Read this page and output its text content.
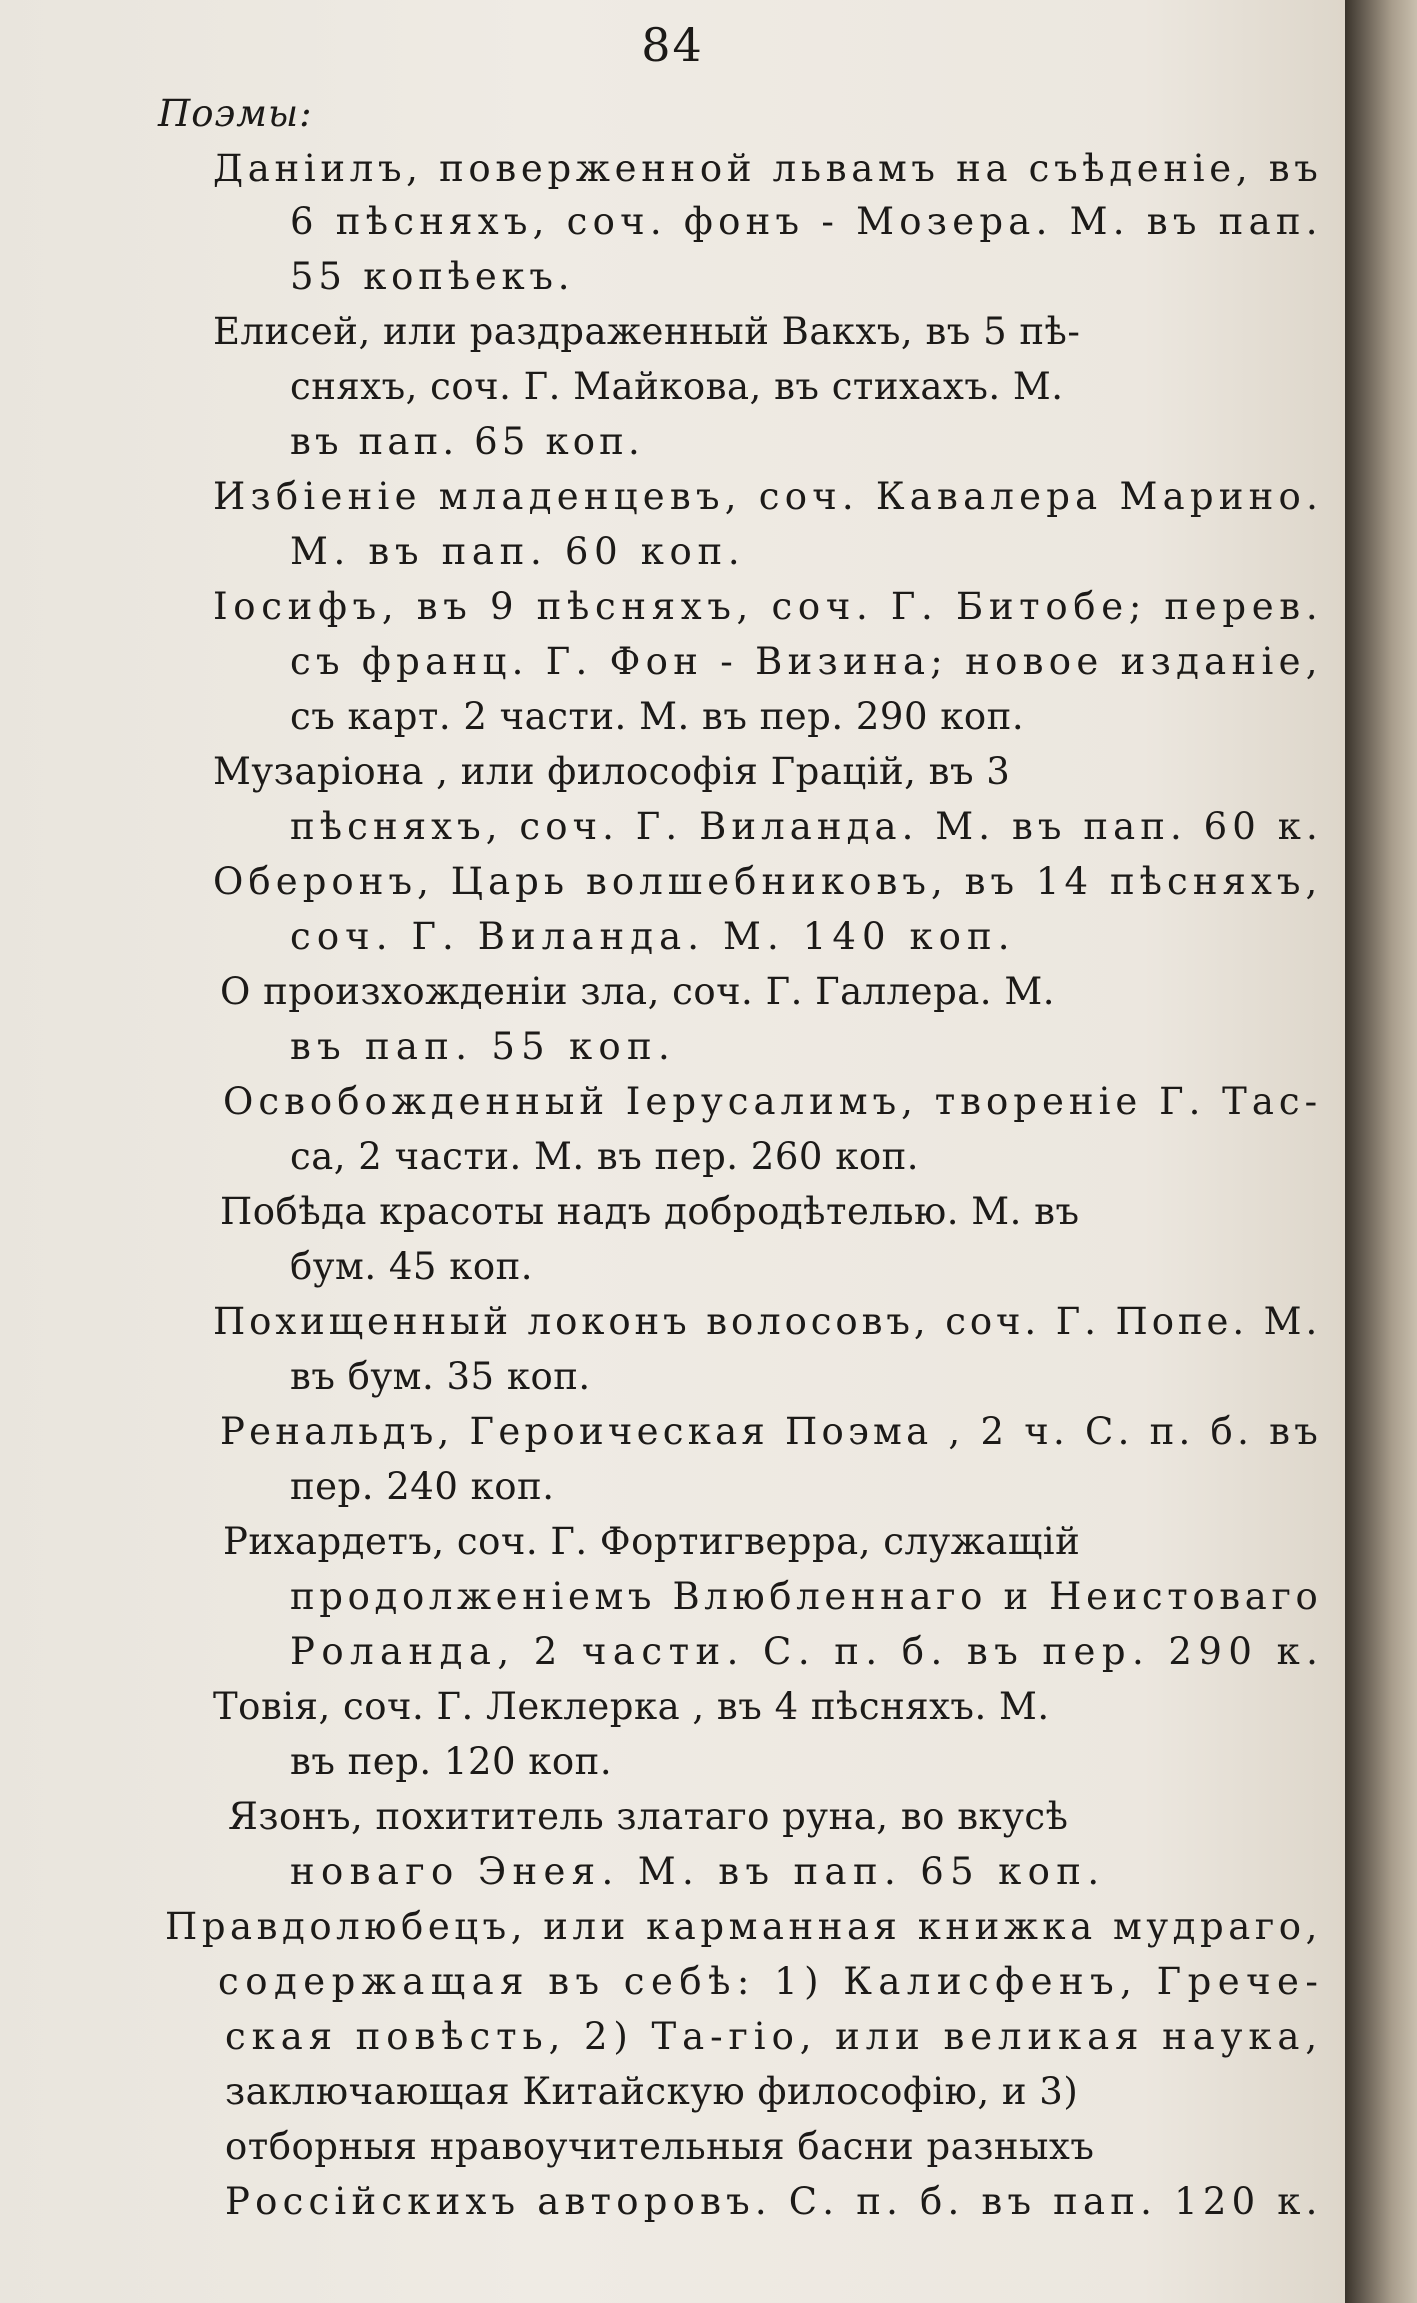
84
Поэмы:
Даніилъ, поверженной львамъ на съѣденіе, въ
6 пѣсняхъ, соч. фонъ - Мозера. М. въ пап.
55 копѣекъ.
Елисей, или раздраженный Вакхъ, въ 5 пѣ-
сняхъ, соч. Г. Майкова, въ стихахъ. М.
въ пап. 65 коп.
Избіеніе младенцевъ, соч. Кавалера Марино.
М. въ пап. 60 коп.
Іосифъ, въ 9 пѣсняхъ, соч. Г. Битобе; перев.
съ франц. Г. Фон - Визина; новое изданіе,
съ карт. 2 части. М. въ пер. 290 коп.
Музаріона , или философія Грацій, въ 3
пѣсняхъ, соч. Г. Виланда. М. въ пап. 60 к.
Оберонъ, Царь волшебниковъ, въ 14 пѣсняхъ,
соч. Г. Виланда. М. 140 коп.
О произхожденіи зла, соч. Г. Галлера. М.
въ пап. 55 коп.
Освобожденный Іерусалимъ, твореніе Г. Тас-
са, 2 части. М. въ пер. 260 коп.
Побѣда красоты надъ добродѣтелью. М. въ
бум. 45 коп.
Похищенный локонъ волосовъ, соч. Г. Попе. М.
въ бум. 35 коп.
Ренальдъ, Героическая Поэма , 2 ч. С. п. б. въ
пер. 240 коп.
Рихардетъ, соч. Г. Фортигверра, служащій
продолженіемъ Влюбленнаго и Неистоваго
Роланда, 2 части. С. п. б. въ пер. 290 к.
Товія, соч. Г. Леклерка , въ 4 пѣсняхъ. М.
въ пер. 120 коп.
Язонъ, похититель златаго руна, во вкусѣ
новаго Энея. М. въ пап. 65 коп.
Правдолюбецъ, или карманная книжка мудраго,
содержащая въ себѣ: 1) Калисфенъ, Грече-
ская повѣсть, 2) Та-гіо, или великая наука,
заключающая Китайскую философію, и 3)
отборныя нравоучительныя басни разныхъ
Россійскихъ авторовъ. С. п. б. въ пап. 120 к.
